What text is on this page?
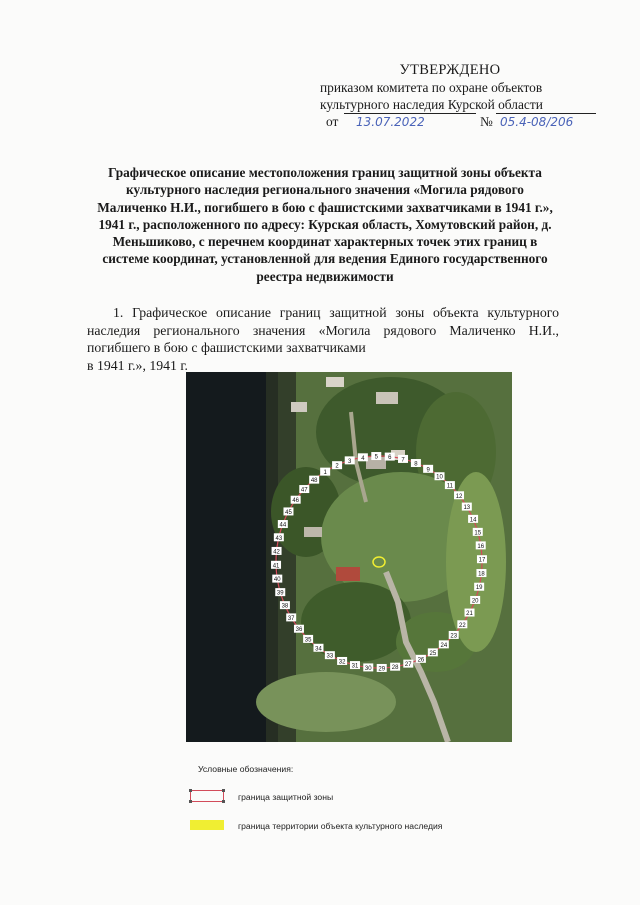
УТВЕРЖДЕНО
приказом комитета по охране объектов
культурного наследия Курской области
от 13.07.2022	№ 05.4-08/206
Графическое описание местоположения границ защитной зоны объекта культурного наследия регионального значения «Могила рядового Маличенко Н.И., погибшего в бою с фашистскими захватчиками в 1941 г.», 1941 г., расположенного по адресу: Курская область, Хомутовский район, д. Меньшиково, с перечнем координат характерных точек этих границ в системе координат, установленной для ведения Единого государственного реестра недвижимости
1. Графическое описание границ защитной зоны объекта культурного наследия регионального значения «Могила рядового Маличенко Н.И., погибшего в бою с фашистскими захватчиками
в 1941 г.», 1941 г.
1
2
3
4 5 6 7
8
9
10
11
12
13
14
15
16
17
18
19
20
21
22
23
24
25
26
27
28
29
30
31
32
33
34
35
36
37
38
39
40
41
42
43
44
45
46
47
48
Условные обозначения:
граница защитной зоны
граница территории объекта культурного наследия
